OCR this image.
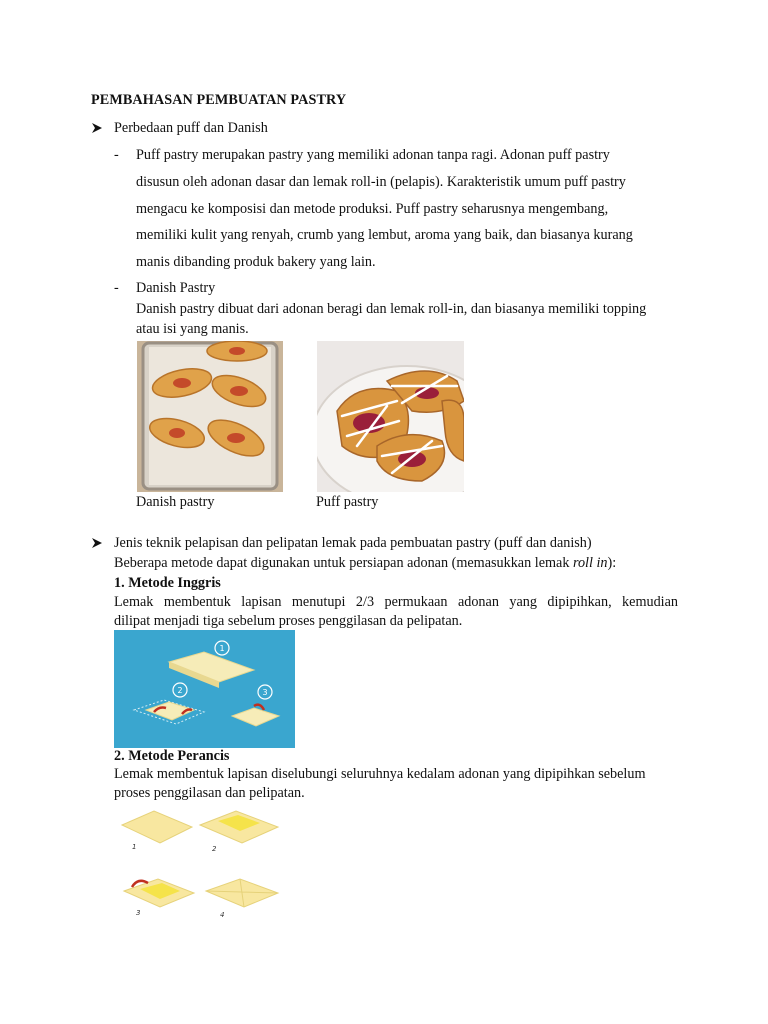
PEMBAHASAN PEMBUATAN PASTRY
Perbedaan puff dan Danish
- Puff pastry merupakan pastry yang memiliki adonan tanpa ragi. Adonan puff pastry
disusun oleh adonan dasar dan lemak roll-in (pelapis). Karakteristik umum puff pastry
mengacu ke komposisi dan metode produksi. Puff pastry seharusnya mengembang,
memiliki kulit yang renyah, crumb yang lembut, aroma yang baik, dan biasanya kurang
manis dibanding produk bakery yang lain.
- Danish Pastry
Danish pastry dibuat dari adonan beragi dan lemak roll-in, dan biasanya memiliki topping
atau isi yang manis.
Danish pastry	Puff pastry
Jenis teknik pelapisan dan pelipatan lemak pada pembuatan pastry (puff dan danish)
Beberapa metode dapat digunakan untuk persiapan adonan (memasukkan lemak roll in):
1. Metode Inggris
Lemak membentuk lapisan menutupi 2/3 permukaan adonan yang dipipihkan, kemudian
dilipat menjadi tiga sebelum proses penggilasan da pelipatan.
1
2	3
2. Metode Perancis
Lemak membentuk lapisan diselubungi seluruhnya kedalam adonan yang dipipihkan sebelum
proses penggilasan dan pelipatan.
1	2
3	4
